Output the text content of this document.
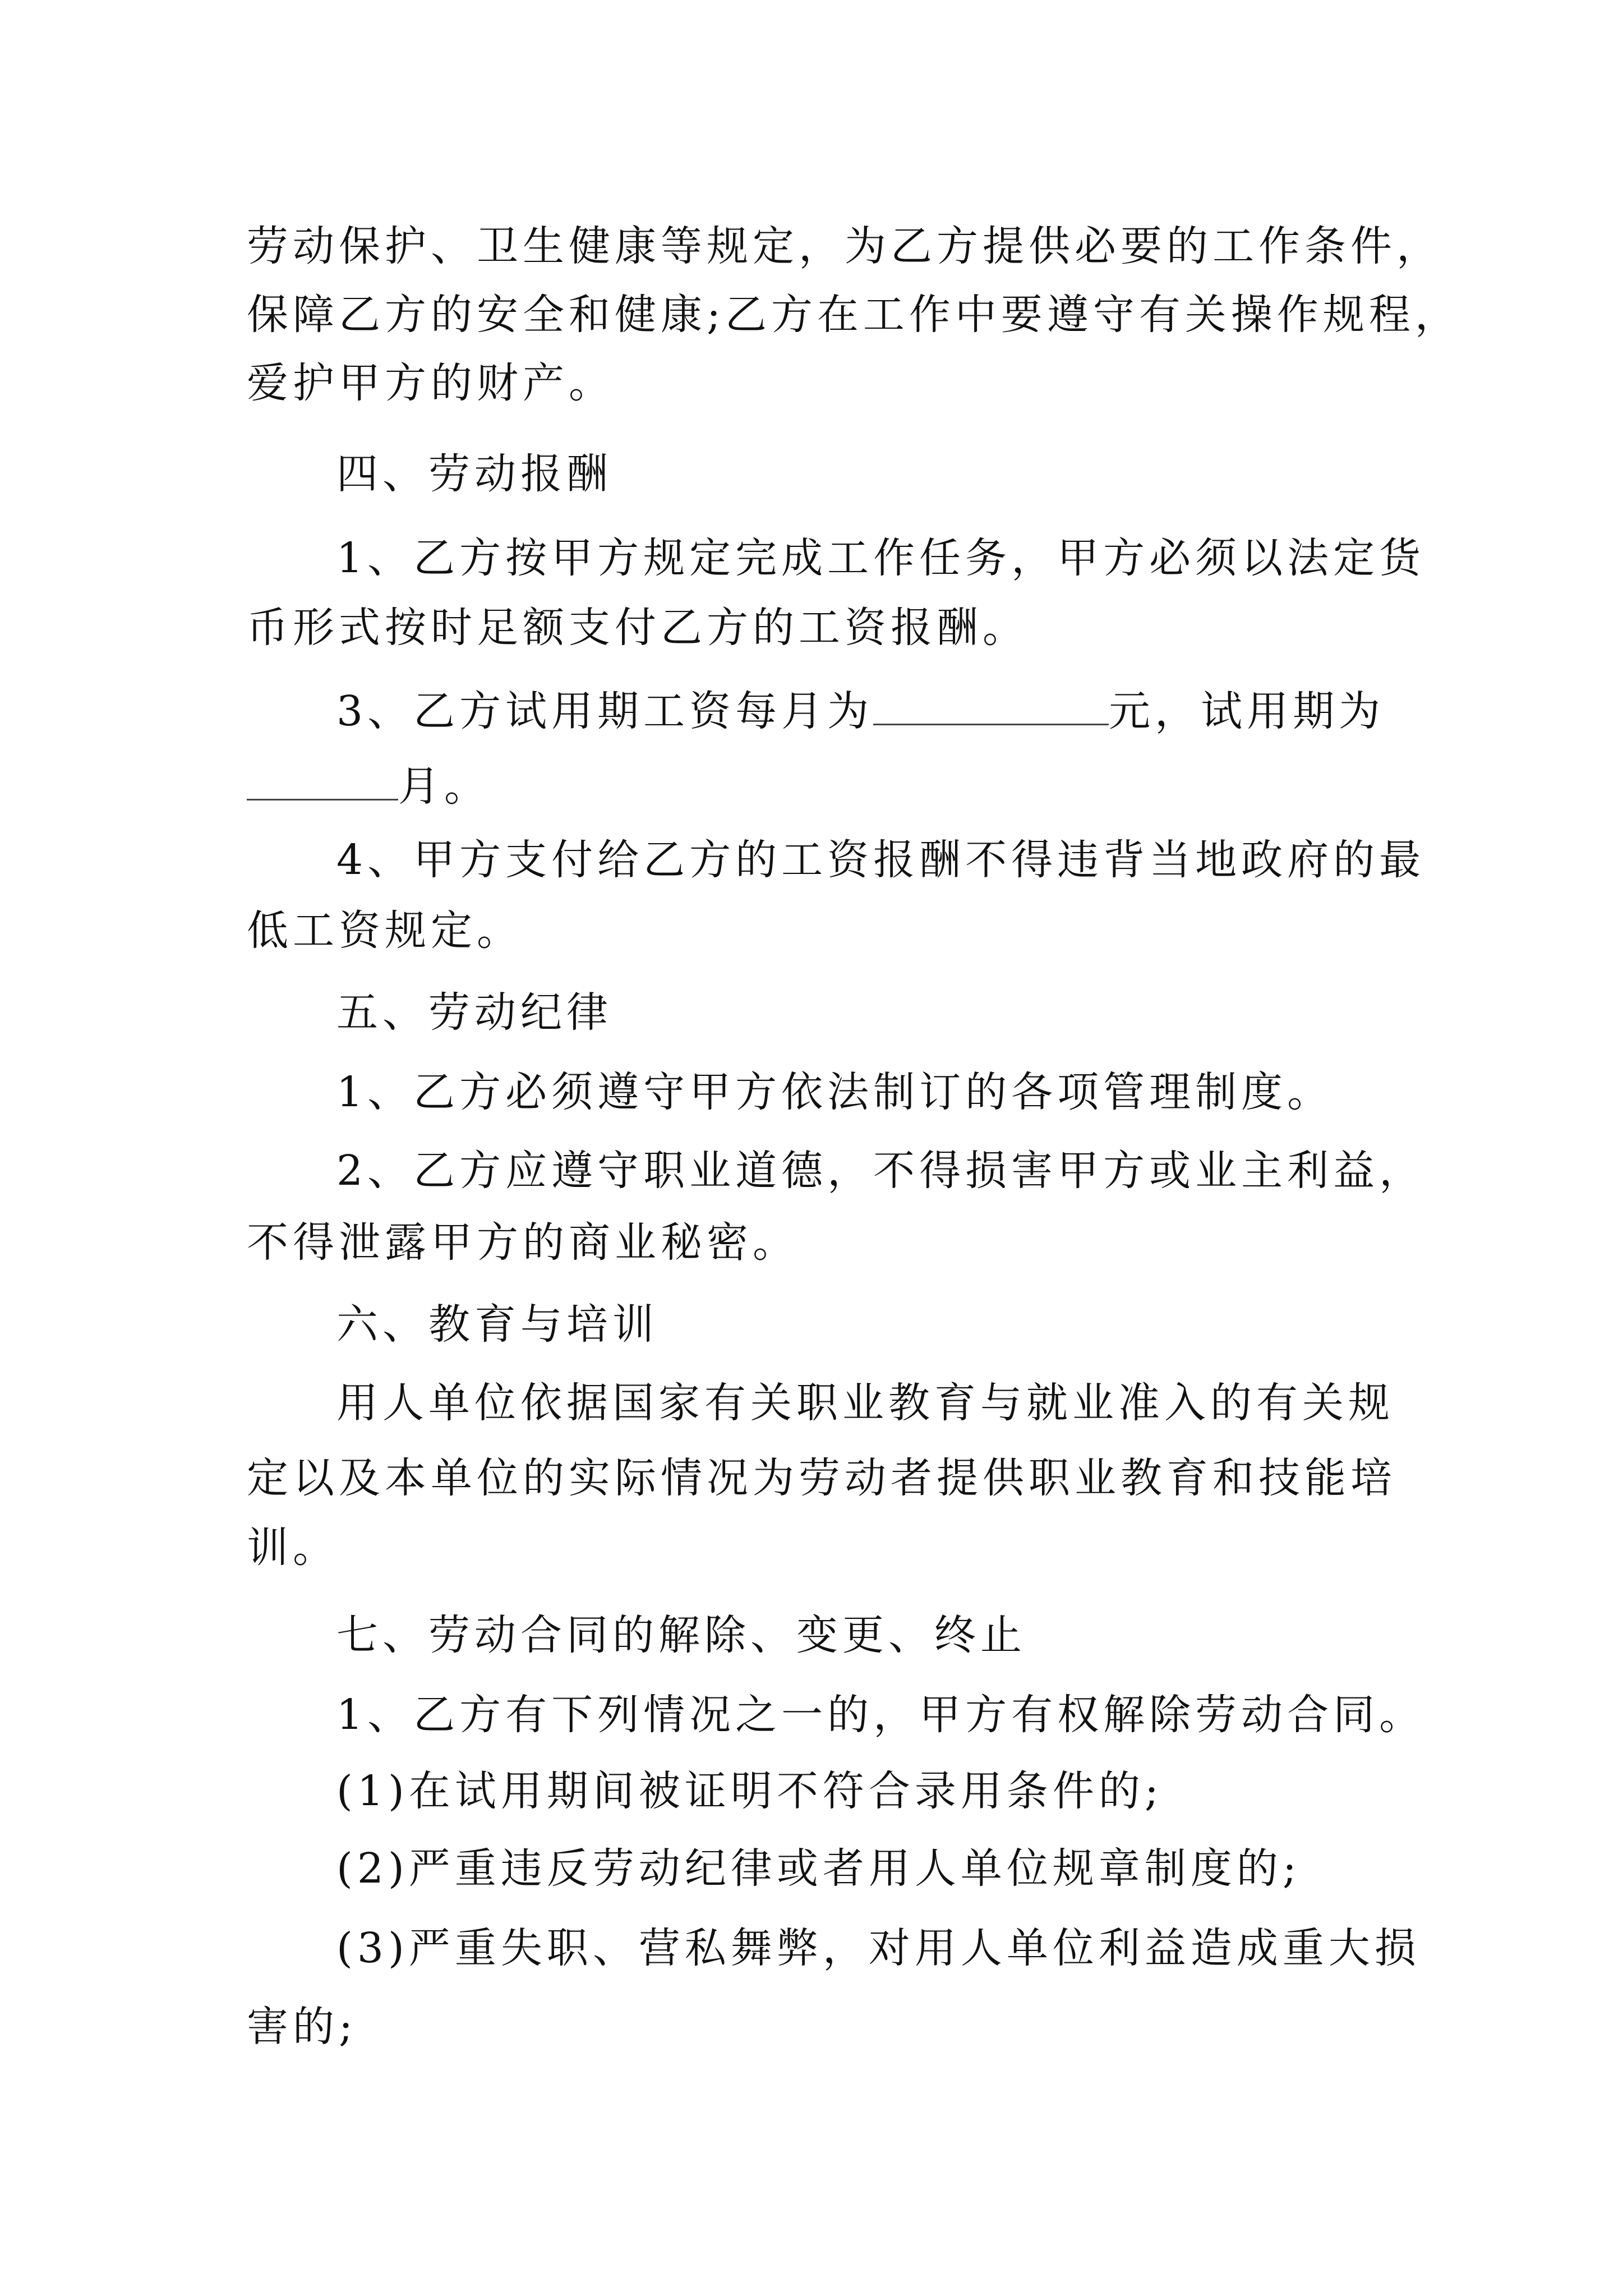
劳动保护、卫生健康等规定，为乙方提供必要的工作条件，

保障乙方的安全和健康;乙方在工作中要遵守有关操作规程，

爱护甲方的财产。

四、劳动报酬

1、乙方按甲方规定完成工作任务，甲方必须以法定货

币形式按时足额支付乙方的工资报酬。

3、乙方试用期工资每月为	元，试用期为

月。

4、甲方支付给乙方的工资报酬不得违背当地政府的最

低工资规定。

五、劳动纪律

1、乙方必须遵守甲方依法制订的各项管理制度。

2、乙方应遵守职业道德，不得损害甲方或业主利益，

不得泄露甲方的商业秘密。

六、教育与培训

用人单位依据国家有关职业教育与就业准入的有关规

定以及本单位的实际情况为劳动者提供职业教育和技能培

训。

七、劳动合同的解除、变更、终止

1、乙方有下列情况之一的，甲方有权解除劳动合同。

(1)在试用期间被证明不符合录用条件的;

(2)严重违反劳动纪律或者用人单位规章制度的;

(3)严重失职、营私舞弊，对用人单位利益造成重大损

害的;
